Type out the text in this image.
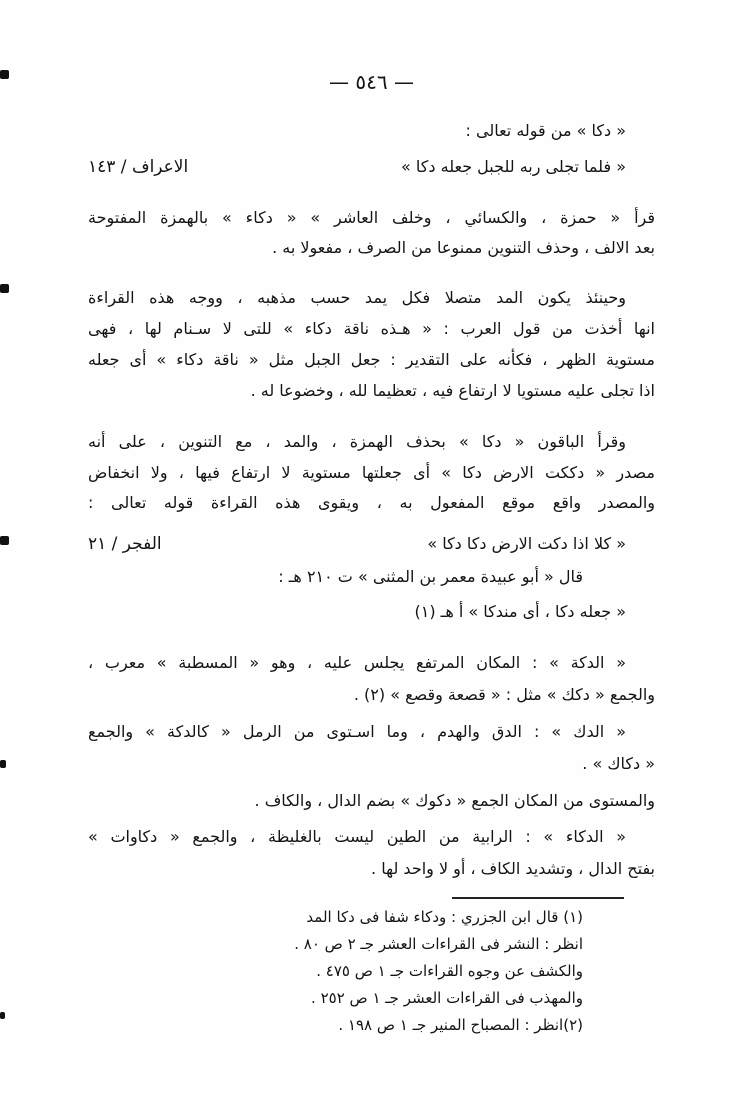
— ٥٤٦ —
« دكا » من قوله تعالى :
« فلما تجلى ربه للجبل جعله دكا »
الاعراف / ١٤٣
قرأ « حمزة ، والكسائي ، وخلف العاشر » « دكاء » بالهمزة المفتوحة
بعد الالف ، وحذف التنوين ممنوعا من الصرف ، مفعولا به .
وحينئذ يكون المد متصلا فكل يمد حسب مذهبه ، ووجه هذه القراءة
انها أخذت من قول العرب : « هـذه ناقة دكاء » للتى لا سـنام لها ، فهى
مستوية الظهر ، فكأنه على التقدير : جعل الجبل مثل « ناقة دكاء » أى جعله
اذا تجلى عليه مستويا لا ارتفاع فيه ، تعظيما لله ، وخضوعا له .
وقرأ الباقون « دكا » بحذف الهمزة ، والمد ، مع التنوين ، على أنه
مصدر « دككت الارض دكا » أى جعلتها مستوية لا ارتفاع فيها ، ولا انخفاض
والمصدر واقع موقع المفعول به ، ويقوى هذه القراءة قوله تعالى :
« كلا اذا دكت الارض دكا دكا »
الفجر / ٢١
قال « أبو عبيدة معمر بن المثنى » ت ٢١٠ هـ :
« جعله دكا ، أى مندكا » أ هـ (١)
« الدكة » : المكان المرتفع يجلس عليه ، وهو « المسطبة » معرب ،
والجمع « دكك » مثل : « قصعة وقصع » (٢) .
« الدك » : الدق والهدم ، وما اسـتوى من الرمل « كالدكة » والجمع
« دكاك » .
والمستوى من المكان الجمع « دكوك » بضم الدال ، والكاف .
« الدكاء » : الرابية من الطين ليست بالغليظة ، والجمع « دكاوات »
بفتح الدال ، وتشديد الكاف ، أو لا واحد لها .
(١) قال ابن الجزري : ودكاء شفا فى دكا المد
انظر : النشر فى القراءات العشر جـ ٢ ص ٨٠ .
والكشف عن وجوه القراءات جـ ١ ص ٤٧٥ .
والمهذب فى القراءات العشر جـ ١ ص ٢٥٢ .
(٢)انظر : المصباح المنير جـ ١ ص ١٩٨ .
